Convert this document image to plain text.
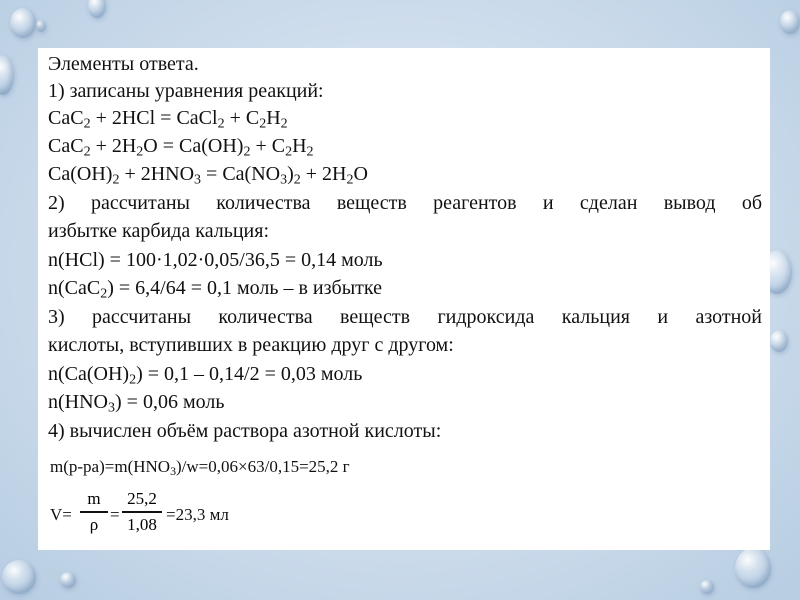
Элементы ответа.
1) записаны уравнения реакций:
CaC$_2$ + 2HCl = CaCl$_2$ + $C_2H_2$
$CaC_2 + 2H_2O = Ca(OH)_2 + C_2H_2$
$Ca(OH)_2 + 2HNO_3 = Ca(NO_3)_2 + 2H_2O$
2) рассчитаны количества веществ реагентов и сделан вывод об
избытке карбида кальция:
n(HCl) = 100·1,02·0,05/36,5 = 0,14 моль
n(CaC$_2$) = 6,4/64 = 0,1 моль – в избытке
3) рассчитаны количества веществ гидроксида кальция и азотной
кислоты, вступивших в реакцию друг с другом:
$n(Ca(OH)_2) = 0,1 - 0,14/2 = 0,03$ моль
$n(HNO_3) = 0,06$ моль
4) вычислен объём раствора азотной кислоты:
$m(р-ра)=m(HNO_3)/w=0,06\times 63/0,15=25,2$ г
V=
m
ρ =
25,2
1,08 =23,3 мл
